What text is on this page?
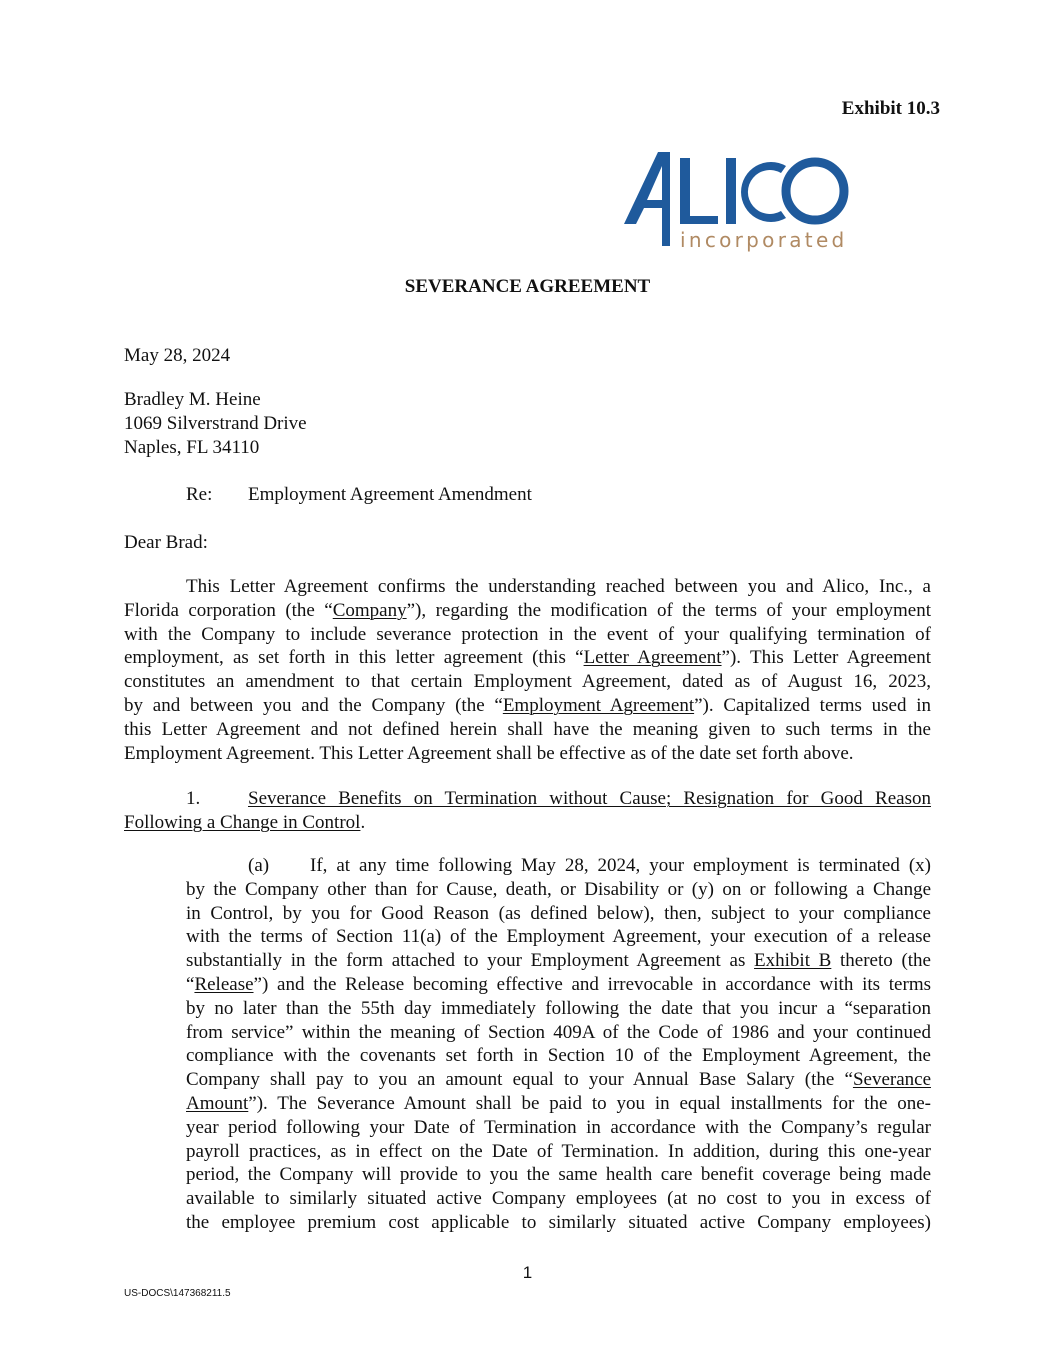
Exhibit 10.3
incorporated
SEVERANCE AGREEMENT
May 28, 2024

Bradley M. Heine

1069 Silverstrand Drive

Naples, FL 34110

Re: Employment Agreement Amendment
Dear Brad:

This Letter Agreement confirms the understanding reached between you and Alico, Inc., a

Florida corporation (the “Company”), regarding the modification of the terms of your employment

with the Company to include severance protection in the event of your qualifying termination of

employment, as set forth in this letter agreement (this “Letter Agreement”). This Letter Agreement

constitutes an amendment to that certain Employment Agreement, dated as of August 16, 2023,

by and between you and the Company (the “Employment Agreement”). Capitalized terms used in

this Letter Agreement and not defined herein shall have the meaning given to such terms in the

Employment Agreement. This Letter Agreement shall be effective as of the date set forth above.

1.	Severance Benefits on Termination without Cause; Resignation for Good Reason

Following a Change in Control.

(a) If, at any time following May 28, 2024, your employment is terminated (x)

by the Company other than for Cause, death, or Disability or (y) on or following a Change

in Control, by you for Good Reason (as defined below), then, subject to your compliance

with the terms of Section 11(a) of the Employment Agreement, your execution of a release

substantially in the form attached to your Employment Agreement as Exhibit B thereto (the

“Release”) and the Release becoming effective and irrevocable in accordance with its terms

by no later than the 55th day immediately following the date that you incur a “separation

from service” within the meaning of Section 409A of the Code of 1986 and your continued

compliance with the covenants set forth in Section 10 of the Employment Agreement, the

Company shall pay to you an amount equal to your Annual Base Salary (the “Severance

Amount”). The Severance Amount shall be paid to you in equal installments for the one-

year period following your Date of Termination in accordance with the Company’s regular

payroll practices, as in effect on the Date of Termination. In addition, during this one-year

period, the Company will provide to you the same health care benefit coverage being made

available to similarly situated active Company employees (at no cost to you in excess of

the employee premium cost applicable to similarly situated active Company employees)

1
US-DOCS\147368211.5
